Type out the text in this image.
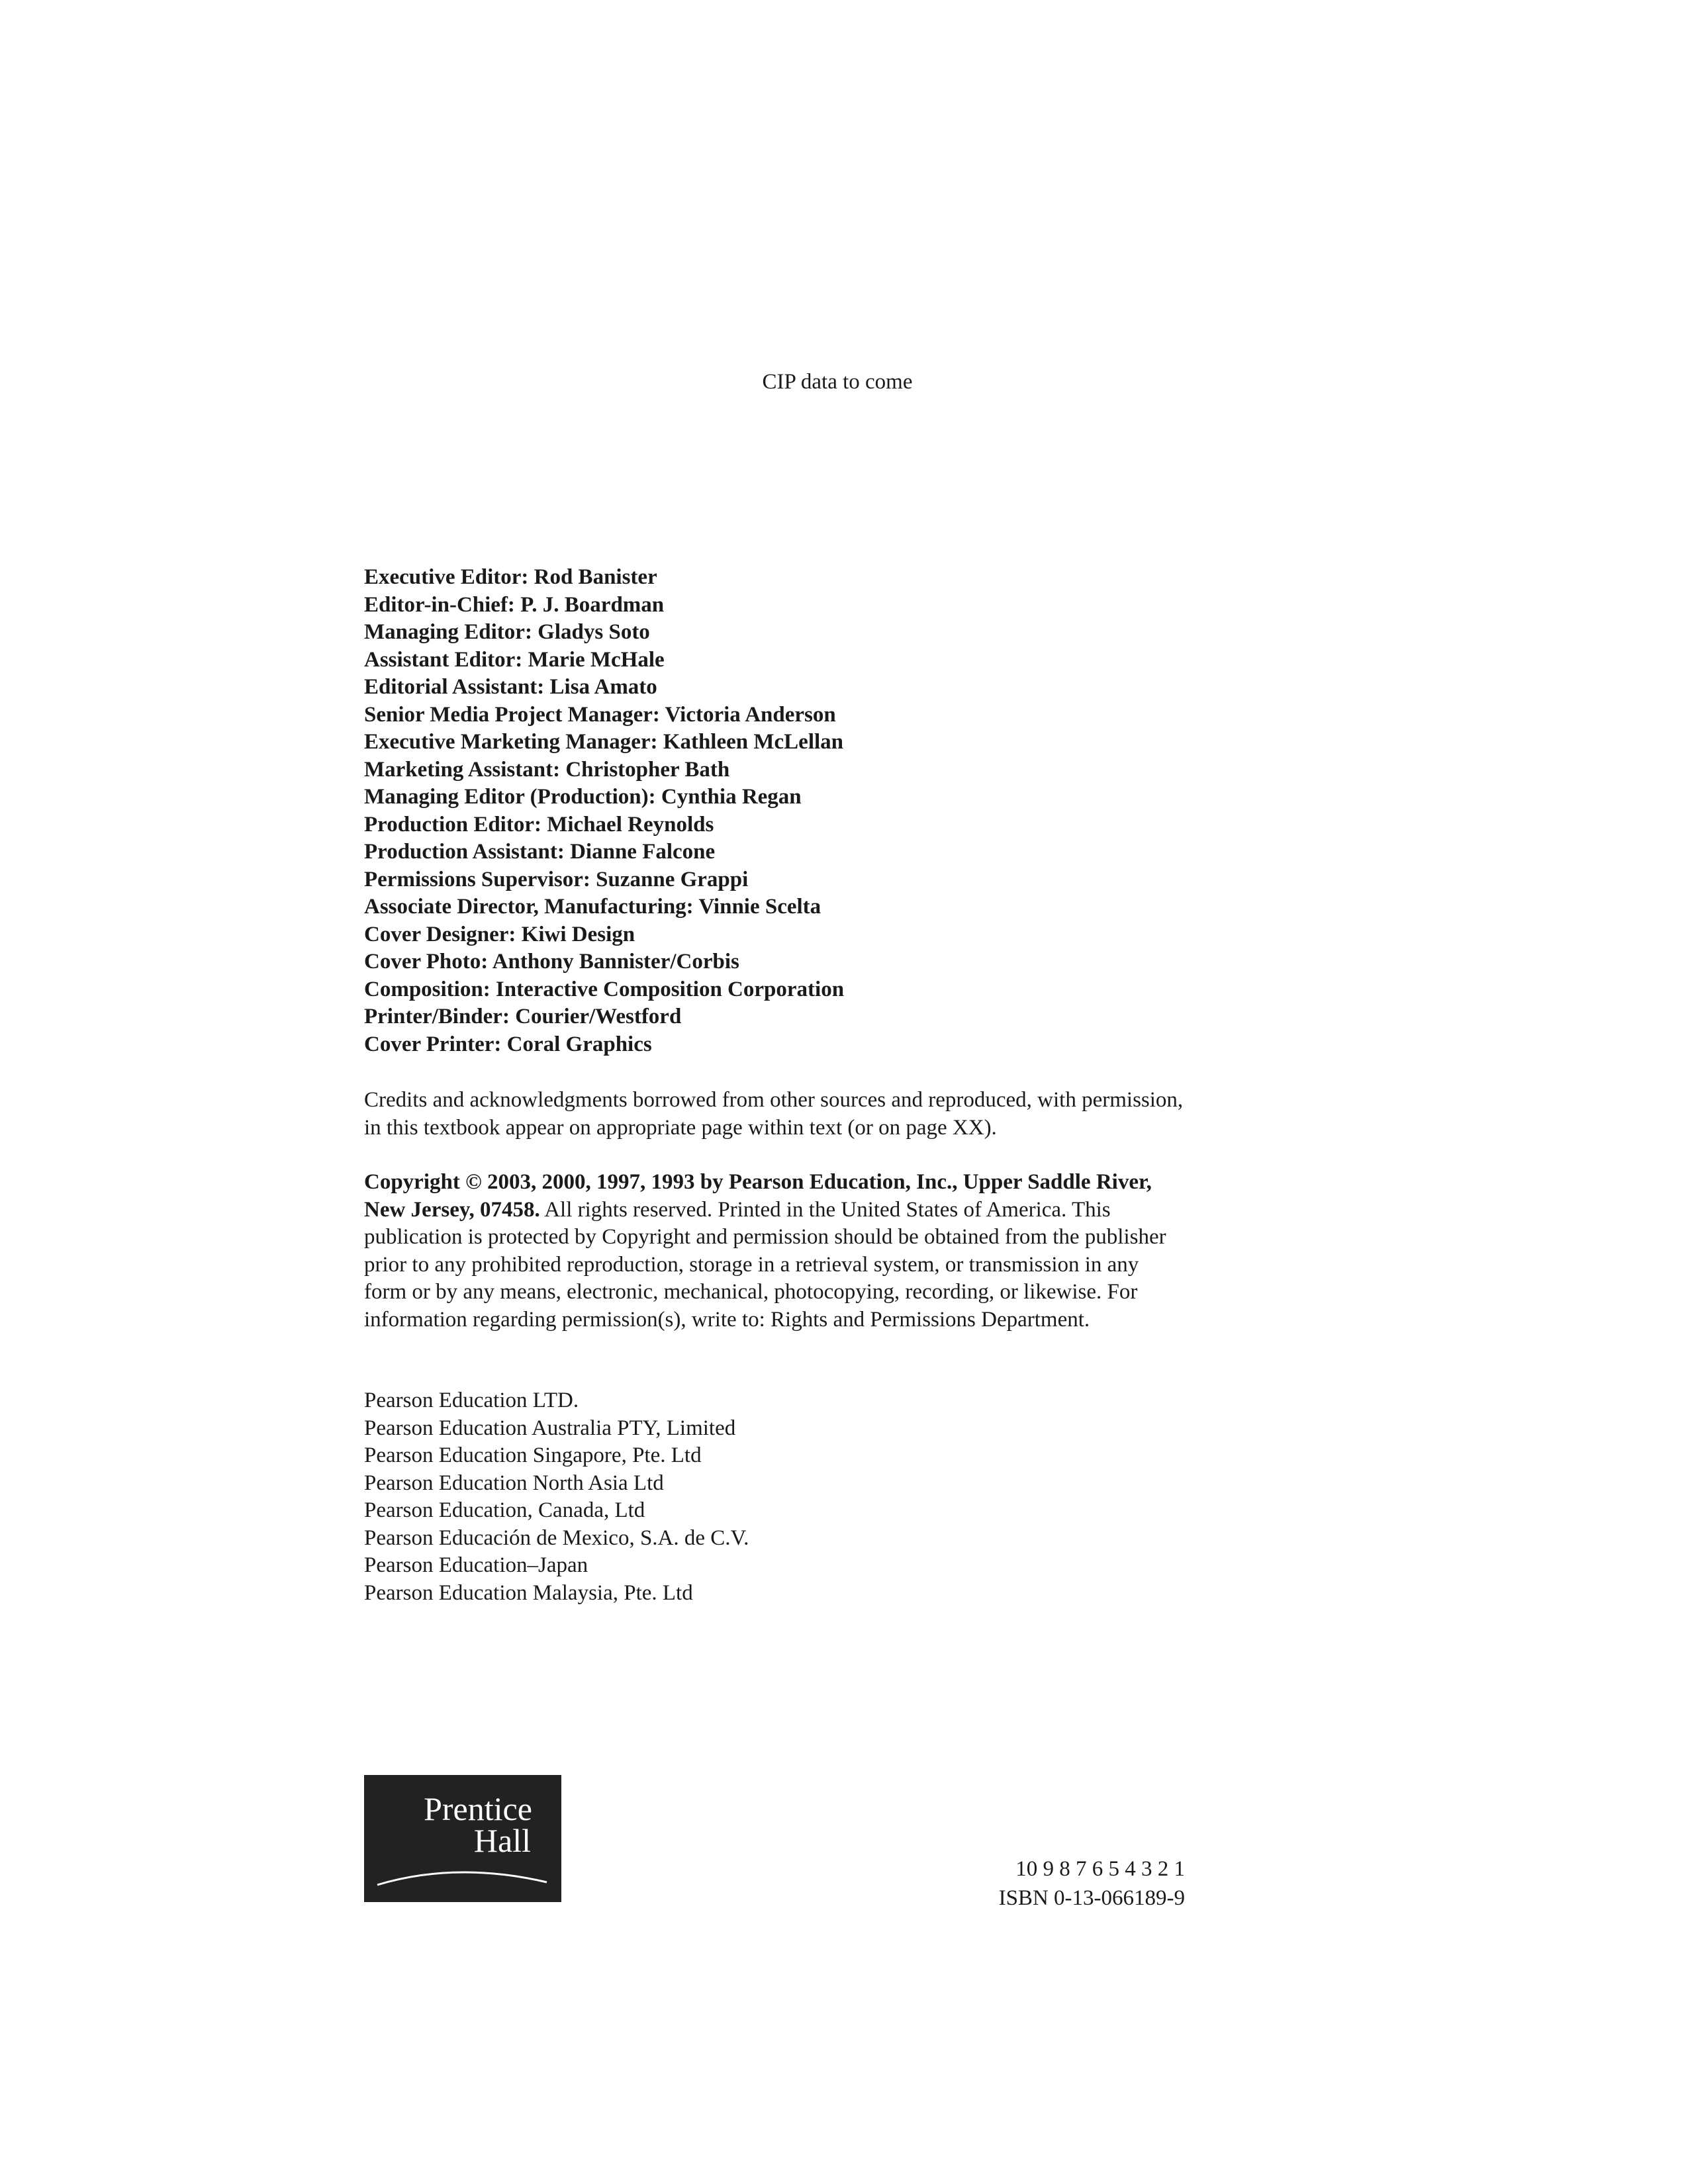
CIP data to come
Executive Editor: Rod Banister
Editor-in-Chief: P. J. Boardman
Managing Editor: Gladys Soto
Assistant Editor: Marie McHale
Editorial Assistant: Lisa Amato
Senior Media Project Manager: Victoria Anderson
Executive Marketing Manager: Kathleen McLellan
Marketing Assistant: Christopher Bath
Managing Editor (Production): Cynthia Regan
Production Editor: Michael Reynolds
Production Assistant: Dianne Falcone
Permissions Supervisor: Suzanne Grappi
Associate Director, Manufacturing: Vinnie Scelta
Cover Designer: Kiwi Design
Cover Photo: Anthony Bannister/Corbis
Composition: Interactive Composition Corporation
Printer/Binder: Courier/Westford
Cover Printer: Coral Graphics
Credits and acknowledgments borrowed from other sources and reproduced, with permission, in this textbook appear on appropriate page within text (or on page XX).
Copyright © 2003, 2000, 1997, 1993 by Pearson Education, Inc., Upper Saddle River, New Jersey, 07458. All rights reserved. Printed in the United States of America. This publication is protected by Copyright and permission should be obtained from the publisher prior to any prohibited reproduction, storage in a retrieval system, or transmission in any form or by any means, electronic, mechanical, photocopying, recording, or likewise. For information regarding permission(s), write to: Rights and Permissions Department.
Pearson Education LTD.
Pearson Education Australia PTY, Limited
Pearson Education Singapore, Pte. Ltd
Pearson Education North Asia Ltd
Pearson Education, Canada, Ltd
Pearson Educación de Mexico, S.A. de C.V.
Pearson Education–Japan
Pearson Education Malaysia, Pte. Ltd
Prentice
Hall
10 9 8 7 6 5 4 3 2 1
ISBN 0-13-066189-9
